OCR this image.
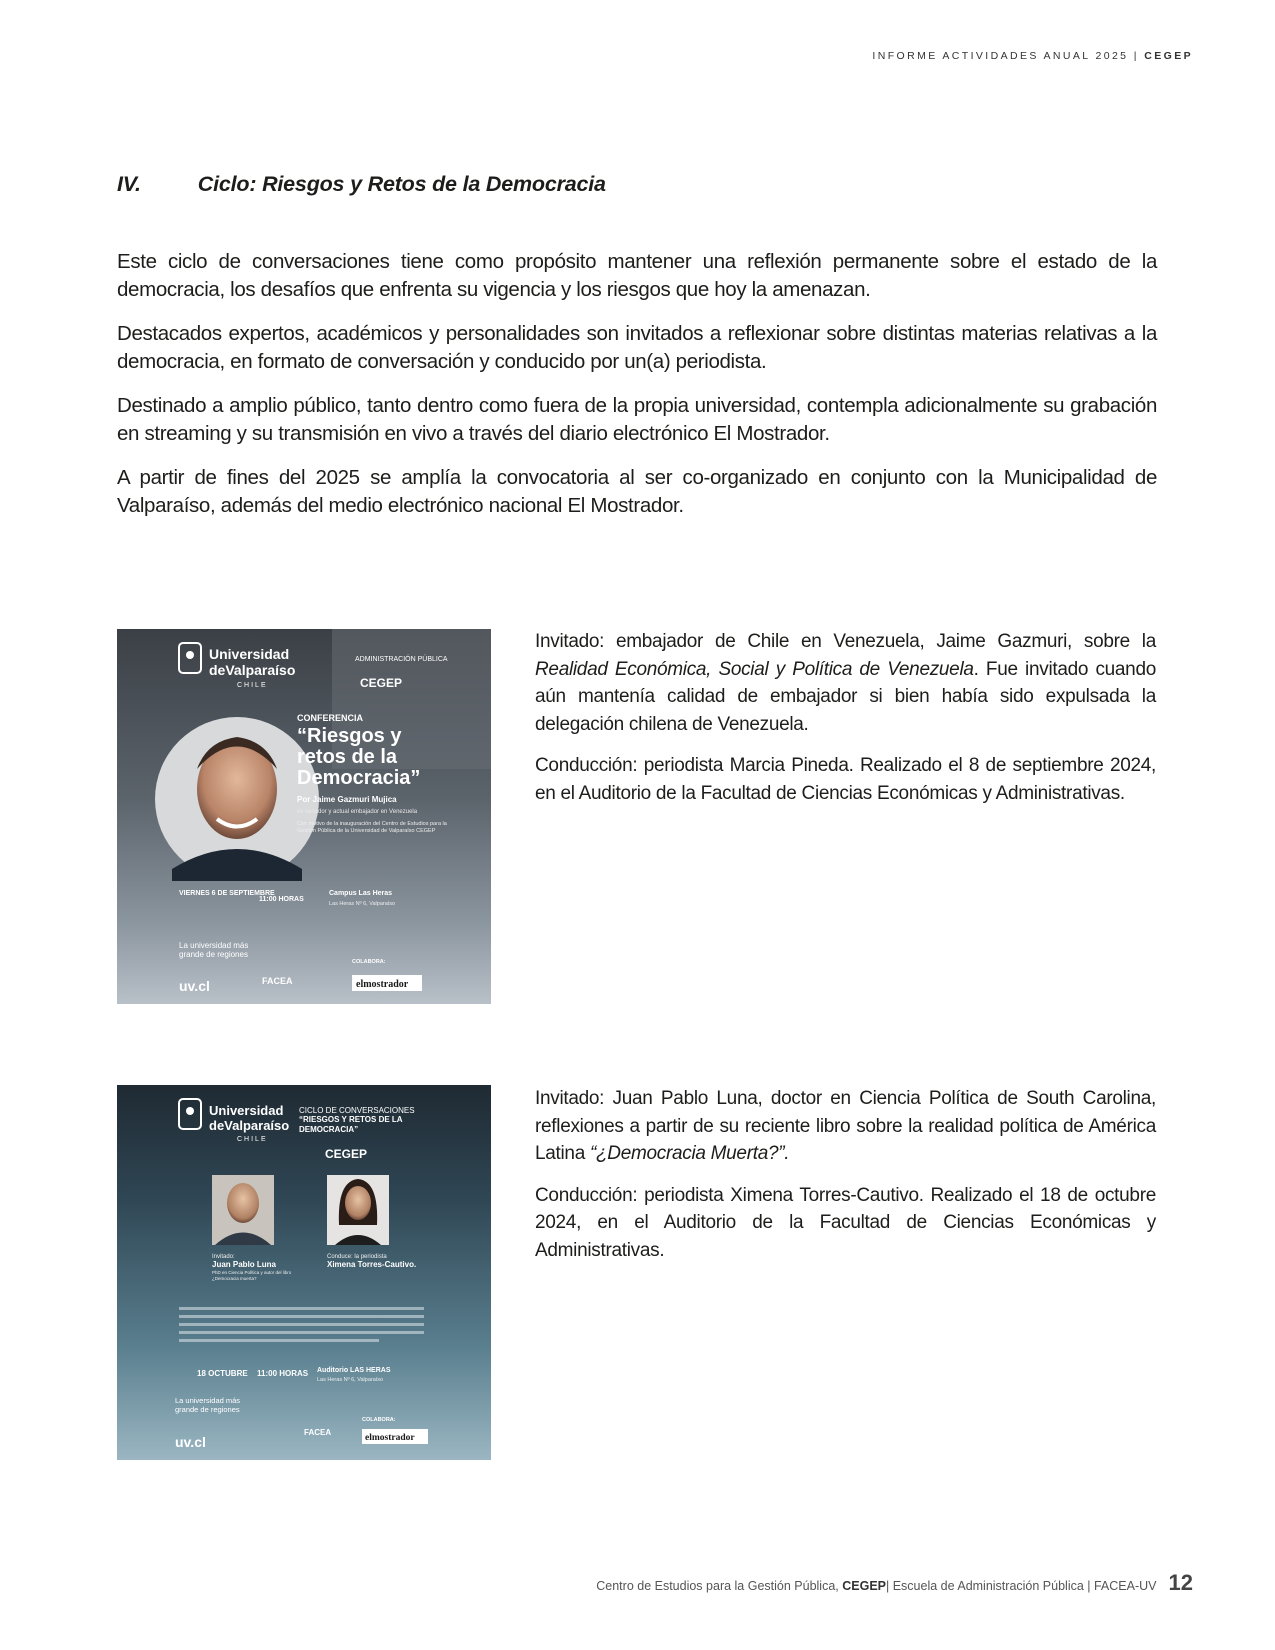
INFORME ACTIVIDADES ANUAL 2025 | CEGEP
IV.	Ciclo: Riesgos y Retos de la Democracia

Este ciclo de conversaciones tiene como propósito mantener una reflexión permanente sobre el estado de la democracia, los desafíos que enfrenta su vigencia y los riesgos que hoy la amenazan.

Destacados expertos, académicos y personalidades son invitados a reflexionar sobre distintas materias relativas a la democracia, en formato de conversación y conducido por un(a) periodista.

Destinado a amplio público, tanto dentro como fuera de la propia universidad, contempla adicionalmente su grabación en streaming y su transmisión en vivo a través del diario electrónico El Mostrador.

A partir de fines del 2025 se amplía la convocatoria al ser co-organizado en conjunto con la Municipalidad de Valparaíso, además del medio electrónico nacional El Mostrador.

Universidad
deValparaíso
CHILE
ADMINISTRACIÓN PÚBLICA
CEGEP
CONFERENCIA
“Riesgos y
retos de la
Democracia”
Por Jaime Gazmuri Mujica
ex senador y actual embajador en Venezuela
Con motivo de la inauguración del Centro de Estudios para la Gestión Pública de la Universidad de Valparaíso CEGEP
VIERNES 6 DE SEPTIEMBRE
11:00 HORAS
Campus Las Heras
Las Heras Nº 6, Valparaíso
La universidad más grande de regiones
uv.cl	FACEA
COLABORA:
elmostrador

Invitado: embajador de Chile en Venezuela, Jaime Gazmuri, sobre la Realidad Económica, Social y Política de Venezuela. Fue invitado cuando aún mantenía calidad de embajador si bien había sido expulsada la delegación chilena de Venezuela.

Conducción: periodista Marcia Pineda. Realizado el 8 de septiembre 2024, en el Auditorio de la Facultad de Ciencias Económicas y Administrativas.

Universidad
deValparaíso
CHILE
CICLO DE CONVERSACIONES
“RIESGOS Y RETOS DE LA DEMOCRACIA”
CEGEP
Invitado:
Juan Pablo Luna
PhD en Ciencia Política y autor del libro ¿Democracia muerta?
Conduce: la periodista
Ximena Torres-Cautivo.
18 OCTUBRE 11:00 HORAS Auditorio LAS HERAS
Las Heras Nº 6, Valparaíso
La universidad más grande de regiones
uv.cl
FACEA
COLABORA:
elmostrador

Invitado: Juan Pablo Luna, doctor en Ciencia Política de South Carolina, reflexiones a partir de su reciente libro sobre la realidad política de América Latina “¿Democracia Muerta?”.

Conducción: periodista Ximena Torres-Cautivo. Realizado el 18 de octubre 2024, en el Auditorio de la Facultad de Ciencias Económicas y Administrativas.

Centro de Estudios para la Gestión Pública,
CEGEP | Escuela de Administración Pública | FACEA-UV 12
